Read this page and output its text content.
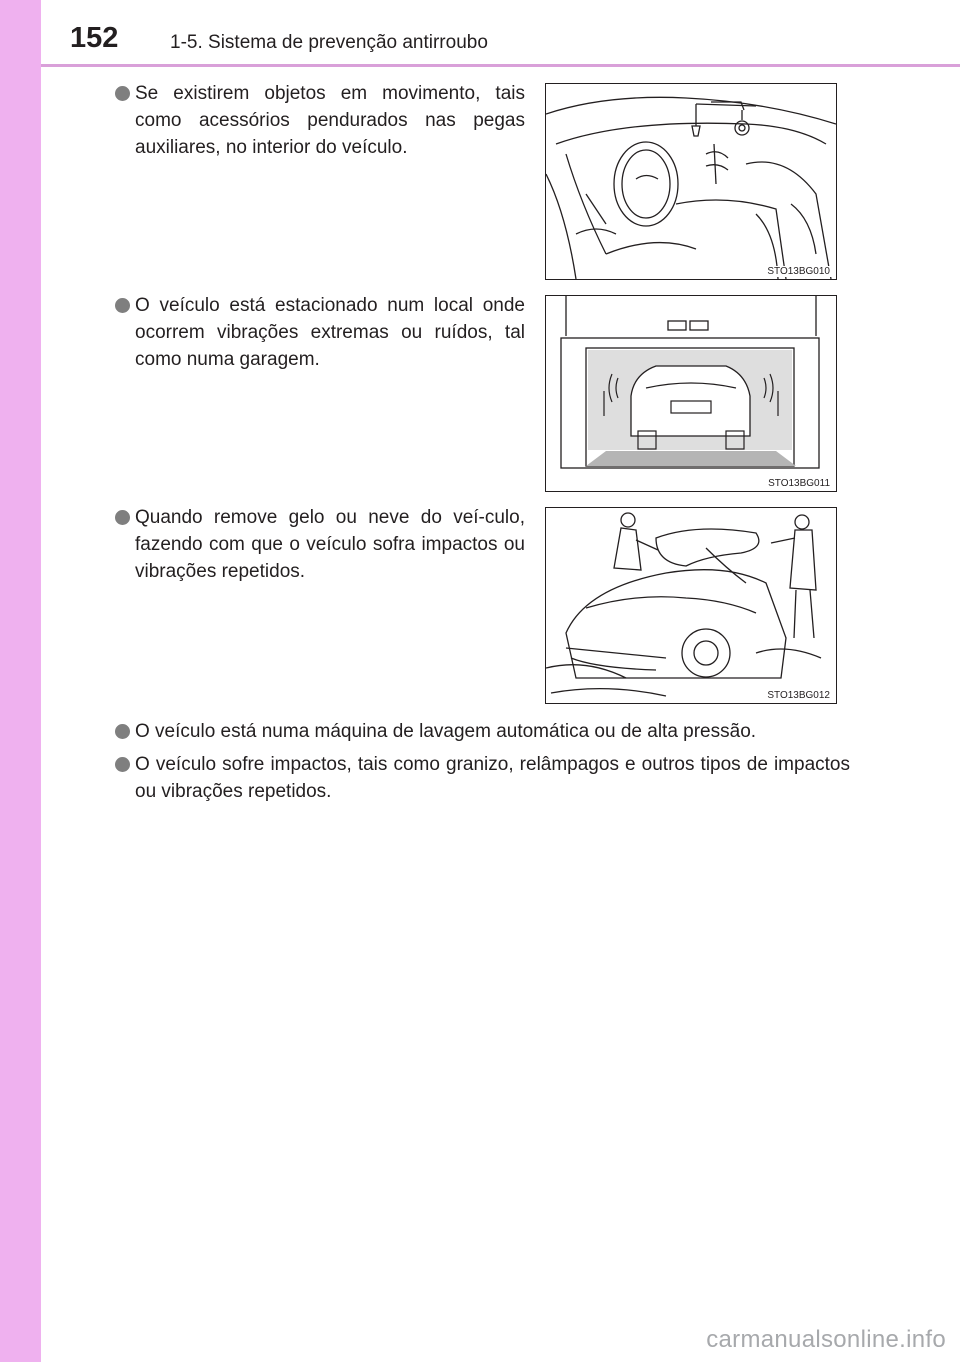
152	1-5. Sistema de prevenção antirroubo
Se existirem objetos em movimento, tais como acessórios pendurados nas pegas auxiliares, no interior do veículo.
STO13BG010
O veículo está estacionado num local onde ocorrem vibrações extremas ou ruídos, tal como numa garagem.
STO13BG011
Quando remove gelo ou neve do veí-culo, fazendo com que o veículo sofra impactos ou vibrações repetidos.
STO13BG012
O veículo está numa máquina de lavagem automática ou de alta pressão.
O veículo sofre impactos, tais como granizo, relâmpagos e outros tipos de impactos ou vibrações repetidos.
carmanualsonline.info
